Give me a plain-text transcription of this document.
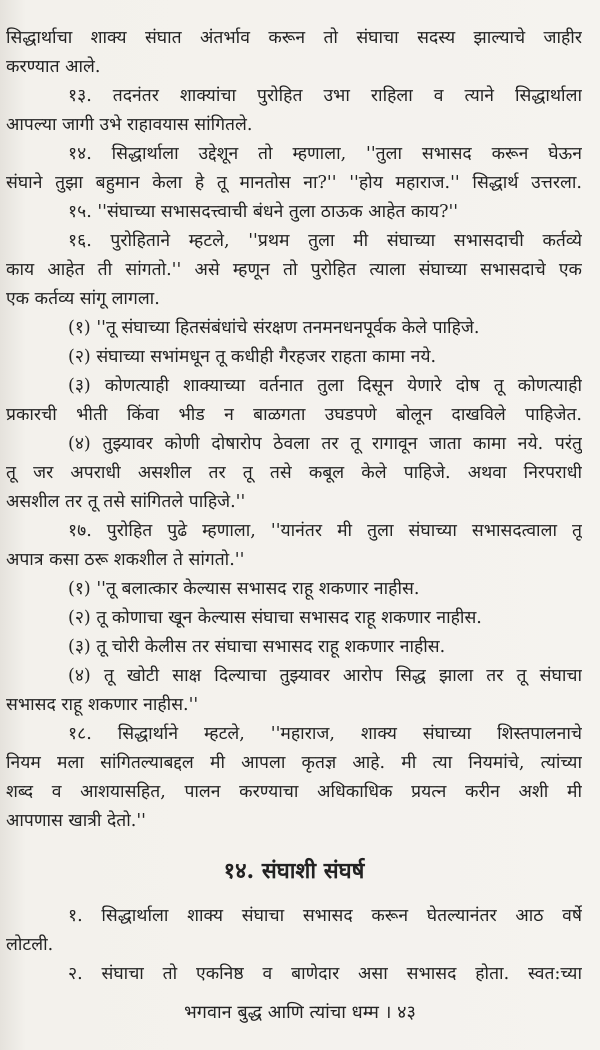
सिद्धार्थाचा शाक्य संघात अंतर्भाव करून तो संघाचा सदस्य झाल्याचे जाहीर
करण्यात आले.
१३. तदनंतर शाक्यांचा पुरोहित उभा राहिला व त्याने सिद्धार्थाला
आपल्या जागी उभे राहावयास सांगितले.
१४. सिद्धार्थाला उद्देशून तो म्हणाला, ''तुला सभासद करून घेऊन
संघाने तुझा बहुमान केला हे तू मानतोस ना?'' ''होय महाराज.'' सिद्धार्थ उत्तरला.
१५. ''संघाच्या सभासदत्त्वाची बंधने तुला ठाऊक आहेत काय?''
१६. पुरोहिताने म्हटले, ''प्रथम तुला मी संघाच्या सभासदाची कर्तव्ये
काय आहेत ती सांगतो.'' असे म्हणून तो पुरोहित त्याला संघाच्या सभासदाचे एक
एक कर्तव्य सांगू लागला.
(१) ''तू संघाच्या हितसंबंधांचे संरक्षण तनमनधनपूर्वक केले पाहिजे.
(२) संघाच्या सभांमधून तू कधीही गैरहजर राहता कामा नये.
(३) कोणत्याही शाक्याच्या वर्तनात तुला दिसून येणारे दोष तू कोणत्याही
प्रकारची भीती किंवा भीड न बाळगता उघडपणे बोलून दाखविले पाहिजेत.
(४) तुझ्यावर कोणी दोषारोप ठेवला तर तू रागावून जाता कामा नये. परंतु
तू जर अपराधी असशील तर तू तसे कबूल केले पाहिजे. अथवा निरपराधी
असशील तर तू तसे सांगितले पाहिजे.''
१७. पुरोहित पुढे म्हणाला, ''यानंतर मी तुला संघाच्या सभासदत्वाला तू
अपात्र कसा ठरू शकशील ते सांगतो.''
(१) ''तू बलात्कार केल्यास सभासद राहू शकणार नाहीस.
(२) तू कोणाचा खून केल्यास संघाचा सभासद राहू शकणार नाहीस.
(३) तू चोरी केलीस तर संघाचा सभासद राहू शकणार नाहीस.
(४) तू खोटी साक्ष दिल्याचा तुझ्यावर आरोप सिद्ध झाला तर तू संघाचा
सभासद राहू शकणार नाहीस.''
१८. सिद्धार्थाने म्हटले, ''महाराज, शाक्य संघाच्या शिस्तपालनाचे
नियम मला सांगितल्याबद्दल मी आपला कृतज्ञ आहे. मी त्या नियमांचे, त्यांच्या
शब्द व आशयासहित, पालन करण्याचा अधिकाधिक प्रयत्न करीन अशी मी
आपणास खात्री देतो.''
१४. संघाशी संघर्ष
१. सिद्धार्थाला शाक्य संघाचा सभासद करून घेतल्यानंतर आठ वर्षे
लोटली.
२. संघाचा तो एकनिष्ठ व बाणेदार असा सभासद होता. स्वत:च्या
भगवान बुद्ध आणि त्यांचा धम्म । ४३
